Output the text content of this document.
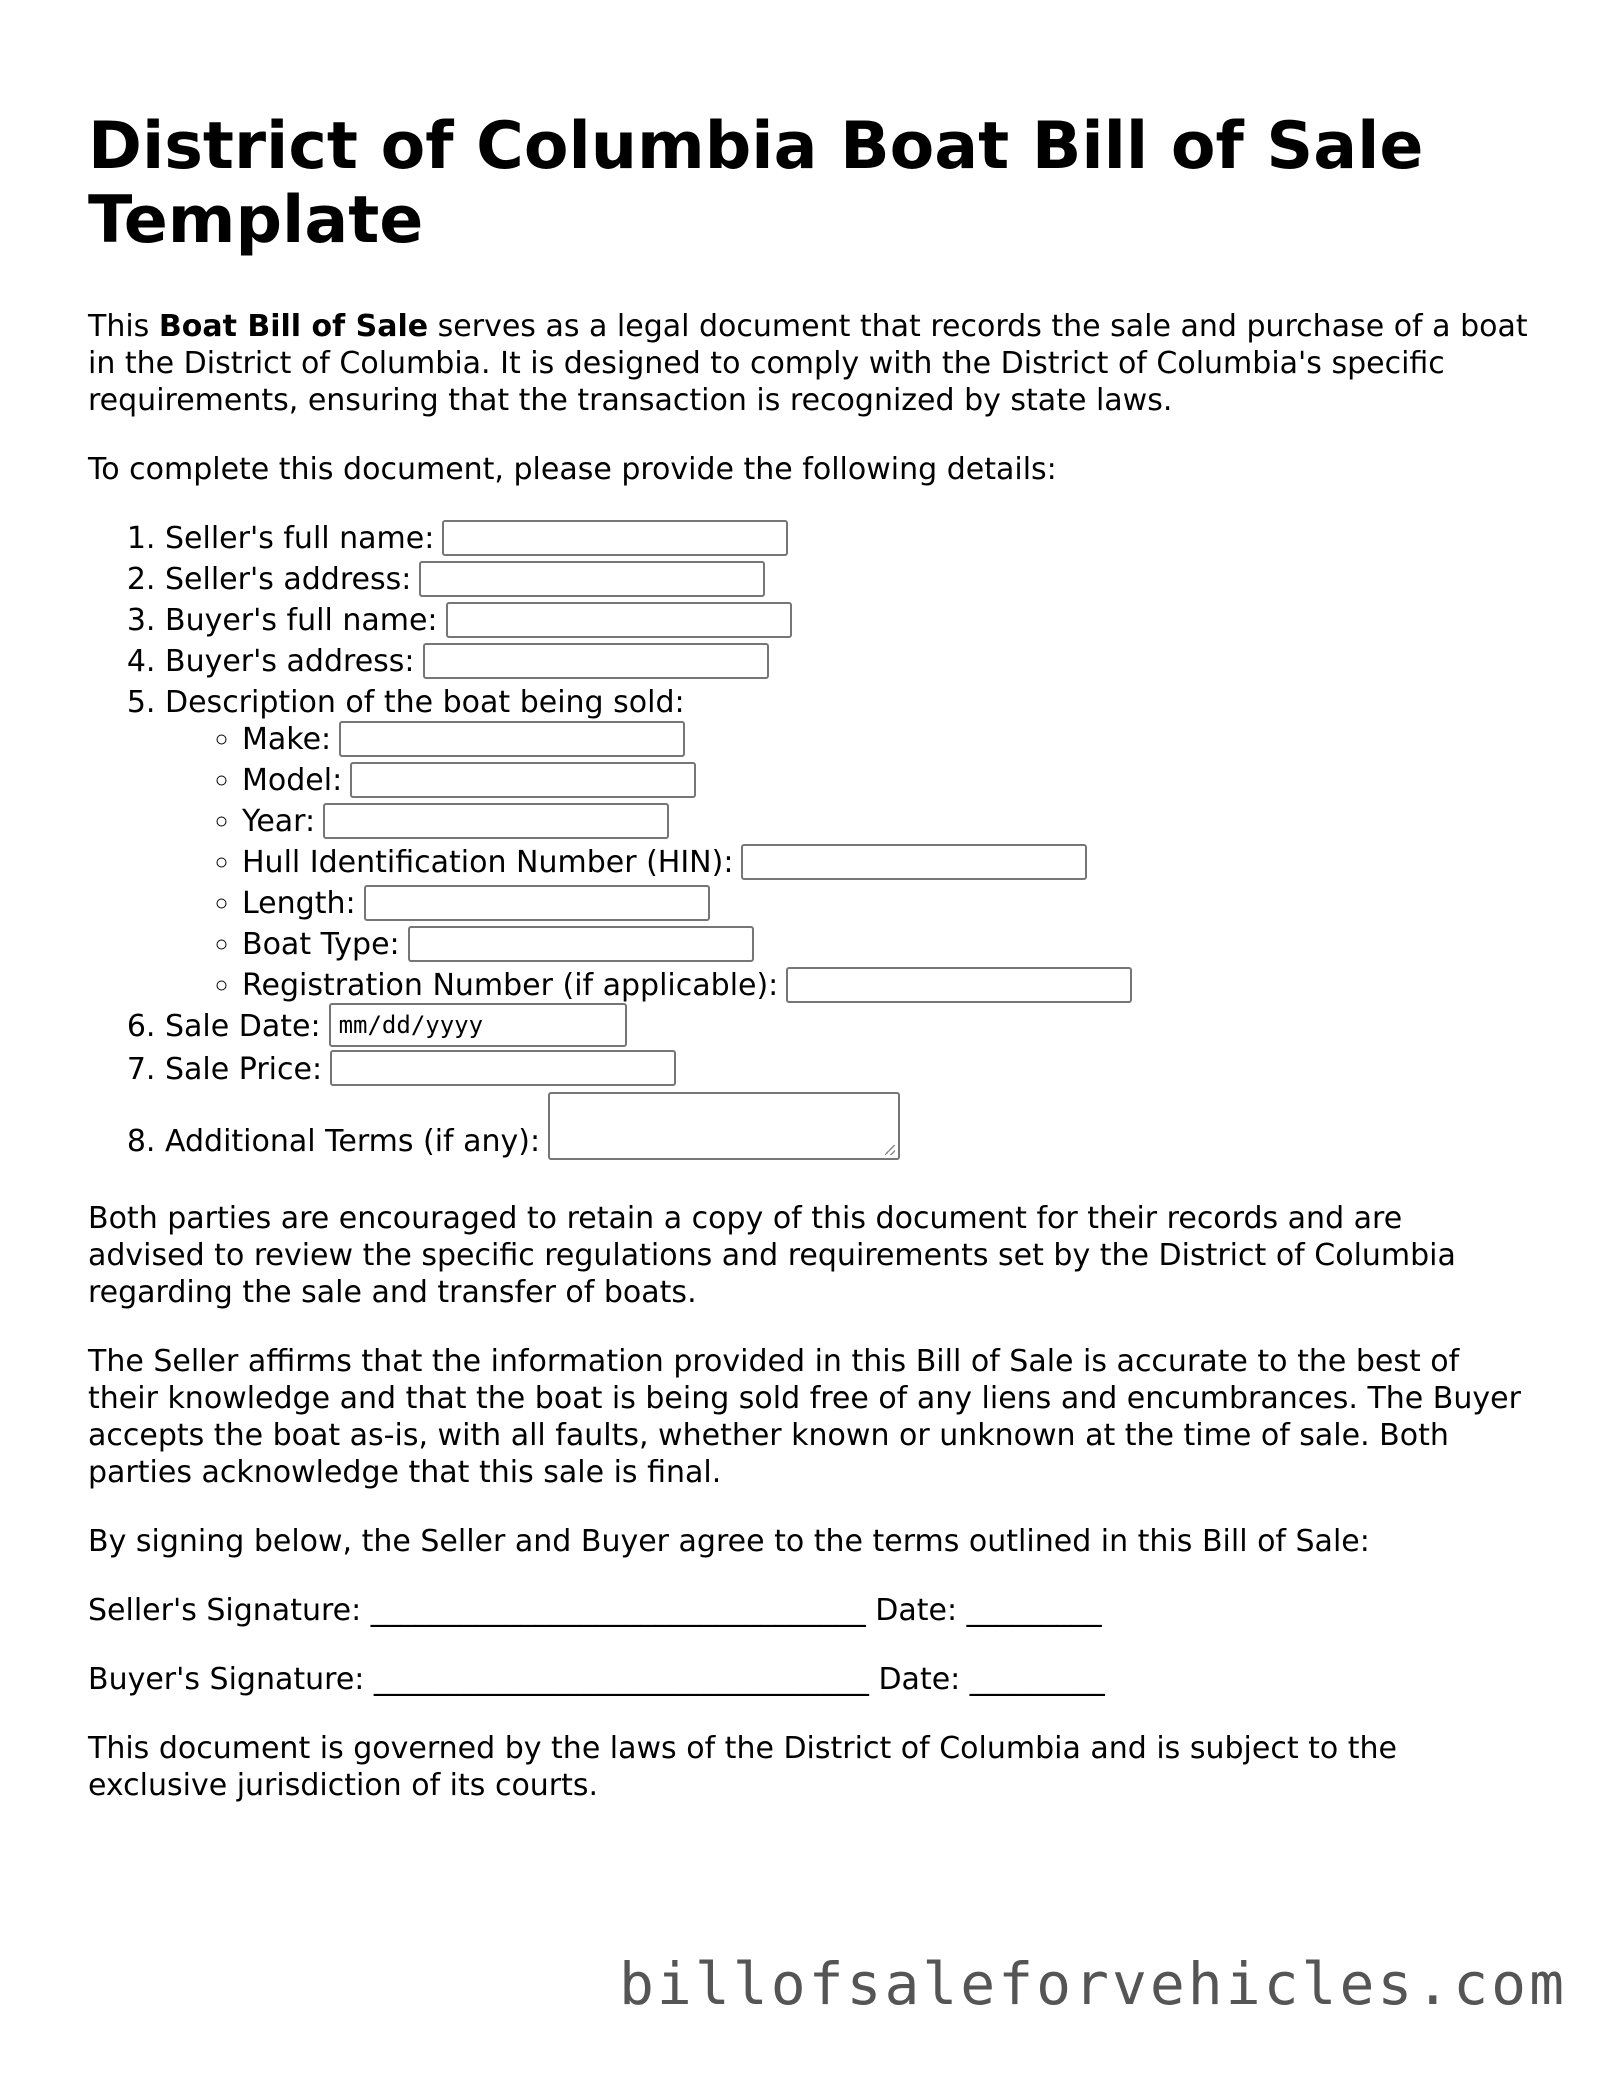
District of Columbia Boat Bill of Sale Template

This Boat Bill of Sale serves as a legal document that records the sale and purchase of a boat in the District of Columbia. It is designed to comply with the District of Columbia's specific requirements, ensuring that the transaction is recognized by state laws.

To complete this document, please provide the following details:

1. Seller's full name:
2. Seller's address:
3. Buyer's full name:
4. Buyer's address:
5. Description of the boat being sold:
◦ Make:
◦ Model:
◦ Year:
◦ Hull Identification Number (HIN):
◦ Length:
◦ Boat Type:
◦ Registration Number (if applicable):
6. Sale Date: mm/dd/yyyy
7. Sale Price:
8. Additional Terms (if any):

Both parties are encouraged to retain a copy of this document for their records and are advised to review the specific regulations and requirements set by the District of Columbia regarding the sale and transfer of boats.

The Seller affirms that the information provided in this Bill of Sale is accurate to the best of their knowledge and that the boat is being sold free of any liens and encumbrances. The Buyer accepts the boat as-is, with all faults, whether known or unknown at the time of sale. Both parties acknowledge that this sale is final.

By signing below, the Seller and Buyer agree to the terms outlined in this Bill of Sale:

Seller's Signature: _________________________________ Date: _________
Buyer's Signature: _________________________________ Date: _________

This document is governed by the laws of the District of Columbia and is subject to the exclusive jurisdiction of its courts.

billofsaleforvehicles.com
